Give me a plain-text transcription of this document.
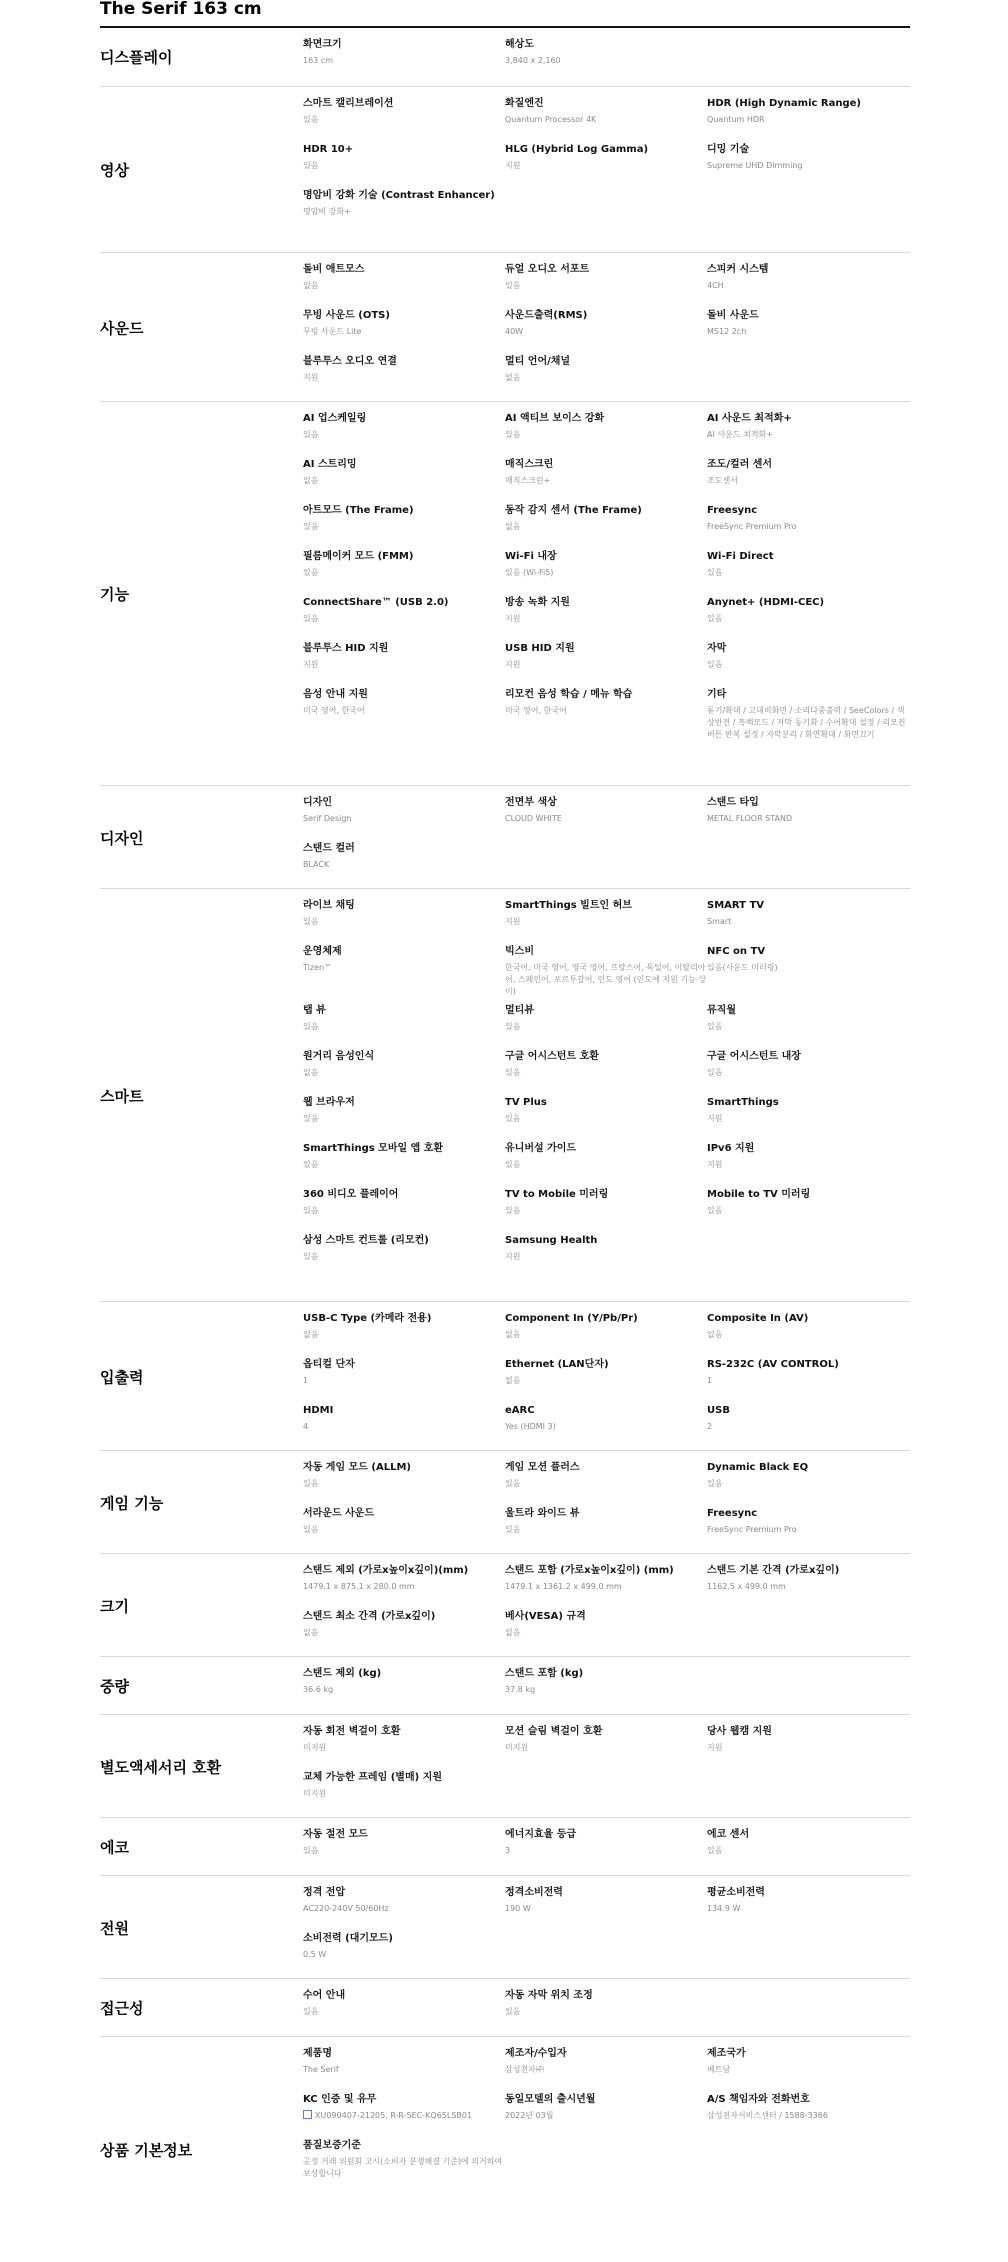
The Serif 163 cm
디스플레이
화면크기
163 cm
해상도
3,840 x 2,160
영상
스마트 캘리브레이션
있음
화질엔진
Quantum Processor 4K
HDR (High Dynamic Range)
Quantum HDR
HDR 10+
있음
HLG (Hybrid Log Gamma)
지원
디밍 기술
Supreme UHD Dimming
명암비 강화 기술 (Contrast Enhancer)
명암비 강화+
사운드
돌비 애트모스
없음
듀얼 오디오 서포트
있음
스피커 시스템
4CH
무빙 사운드 (OTS)
무빙 사운드 Lite
사운드출력(RMS)
40W
돌비 사운드
MS12 2ch
블루투스 오디오 연결
지원
멀티 언어/채널
없음
기능
AI 업스케일링
있음
AI 액티브 보이스 강화
있음
AI 사운드 최적화+
AI 사운드 최적화+
AI 스트리밍
없음
매직스크린
매직스크린+
조도/컬러 센서
조도센서
아트모드 (The Frame)
있음
동작 감지 센서 (The Frame)
없음
Freesync
FreeSync Premium Pro
필름메이커 모드 (FMM)
있음
Wi-Fi 내장
있음 (Wi-Fi5)
Wi-Fi Direct
있음
ConnectShare™ (USB 2.0)
있음
방송 녹화 지원
지원
Anynet+ (HDMI-CEC)
있음
블루투스 HID 지원
지원
USB HID 지원
지원
자막
있음
음성 안내 지원
미국 영어, 한국어
리모컨 음성 학습 / 메뉴 학습
미국 영어, 한국어
기타
돋기/확대 / 고대비화면 / 소리다중출력 / SeeColors / 색상반전 / 흑백모드 / 자막 동기화 / 수어확대 설정 / 리모컨 버튼 반복 설정 / 자막분리 / 화면확대 / 화면끄기
디자인
디자인
Serif Design
전면부 색상
CLOUD WHITE
스탠드 타입
METAL FLOOR STAND
스탠드 컬러
BLACK
스마트
라이브 채팅
있음
SmartThings 빌트인 허브
지원
SMART TV
Smart
운영체제
Tizen™
빅스비
한국어, 미국 영어, 영국 영어, 프랑스어, 독일어, 이탈리아어, 스페인어, 포르투갈어, 인도 영어 (인도에 지원 기능 상이)
NFC on TV
있음(사운드 미러링)
탭 뷰
있음
멀티뷰
있음
뮤직월
있음
원거리 음성인식
없음
구글 어시스턴트 호환
있음
구글 어시스턴트 내장
있음
웹 브라우저
있음
TV Plus
있음
SmartThings
지원
SmartThings 모바일 앱 호환
있음
유니버설 가이드
있음
IPv6 지원
지원
360 비디오 플레이어
있음
TV to Mobile 미러링
있음
Mobile to TV 미러링
있음
삼성 스마트 컨트롤 (리모컨)
있음
Samsung Health
지원
입출력
USB-C Type (카메라 전용)
없음
Component In (Y/Pb/Pr)
없음
Composite In (AV)
없음
옵티컬 단자
1
Ethernet (LAN단자)
없음
RS-232C (AV CONTROL)
1
HDMI
4
eARC
Yes (HDMI 3)
USB
2
게임 기능
자동 게임 모드 (ALLM)
있음
게임 모션 플러스
있음
Dynamic Black EQ
있음
서라운드 사운드
있음
울트라 와이드 뷰
있음
Freesync
FreeSync Premium Pro
크기
스탠드 제외 (가로x높이x깊이)(mm)
1479.1 x 875.1 x 280.0 mm
스탠드 포함 (가로x높이x깊이) (mm)
1479.1 x 1361.2 x 499.0 mm
스탠드 기본 간격 (가로x깊이)
1162.5 x 499.0 mm
스탠드 최소 간격 (가로x깊이)
없음
베사(VESA) 규격
없음
중량
스탠드 제외 (kg)
36.6 kg
스탠드 포함 (kg)
37.8 kg
별도액세서리 호환
자동 회전 벽걸이 호환
미지원
모션 슬림 벽걸이 호환
미지원
당사 웹캠 지원
지원
교체 가능한 프레임 (별매) 지원
미지원
에코
자동 절전 모드
있음
에너지효율 등급
3
에코 센서
있음
전원
정격 전압
AC220-240V 50/60Hz
정격소비전력
190 W
평균소비전력
134.9 W
소비전력 (대기모드)
0.5 W
접근성
수어 안내
있음
자동 자막 위치 조정
있음
상품 기본정보
제품명
The Serif
제조자/수입자
삼성전자㈜
제조국가
베트남
KC 인증 및 유무
XU090407-21205, R-R-SEC-KQ65LSB01
동일모델의 출시년월
2022년 03월
A/S 책임자와 전화번호
삼성전자서비스센터 / 1588-3366
품질보증기준
공정 거래 위원회 고시(소비자 분쟁해결 기준)에 의거하여 보상합니다
